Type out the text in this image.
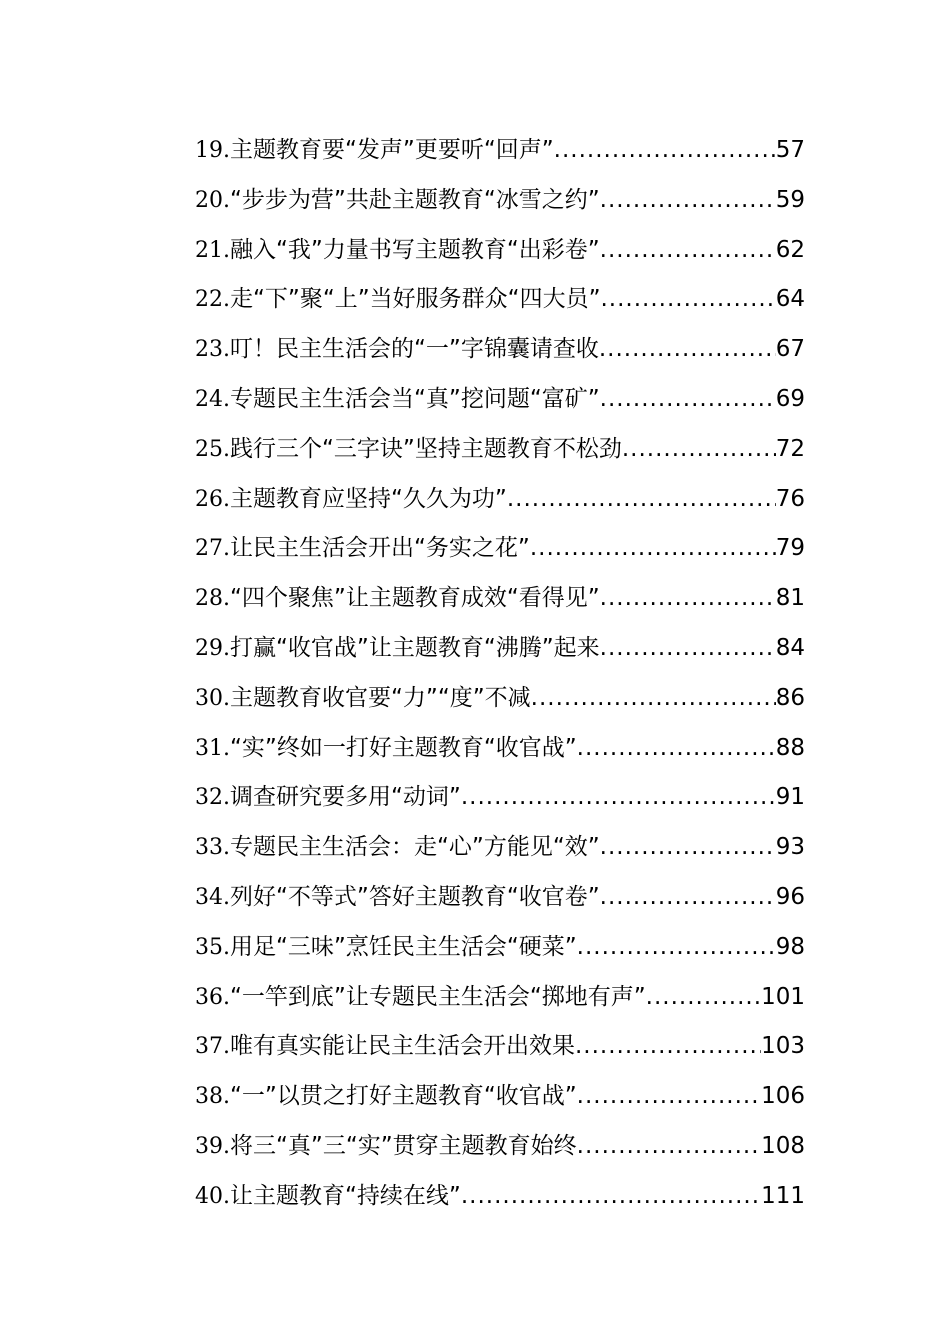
19. 主题教育要“发声”更要听“回声” .....	57
20. “步步为营”共赴主题教育“冰雪之约” .....	59
21. 融入“我”力量书写主题教育“出彩卷” .....	62
22. 走“下”聚“上”当好服务群众“四大员” .....	64
23. 叮！民主生活会的“一”字锦囊请查收 .....	67
24. 专题民主生活会当“真”挖问题“富矿” .....	69
25. 践行三个“三字诀”坚持主题教育不松劲 .....	72
26. 主题教育应坚持“久久为功” .....	76
27. 让民主生活会开出“务实之花” .....	79
28. “四个聚焦”让主题教育成效“看得见” .....	81
29. 打赢“收官战”让主题教育“沸腾”起来 .....	84
30. 主题教育收官要“力”“度”不减 .....	86
31. “实”终如一打好主题教育“收官战” .....	88
32. 调查研究要多用“动词” .....	91
33. 专题民主生活会：走“心”方能见“效” .....	93
34. 列好“不等式”答好主题教育“收官卷” .....	96
35. 用足“三味”烹饪民主生活会“硬菜” .....	98
36. “一竿到底”让专题民主生活会“掷地有声” .....	101
37. 唯有真实能让民主生活会开出效果 .....	103
38. “一”以贯之打好主题教育“收官战” .....	106
39. 将三“真”三“实”贯穿主题教育始终 .....	108
40. 让主题教育“持续在线” .....	111
